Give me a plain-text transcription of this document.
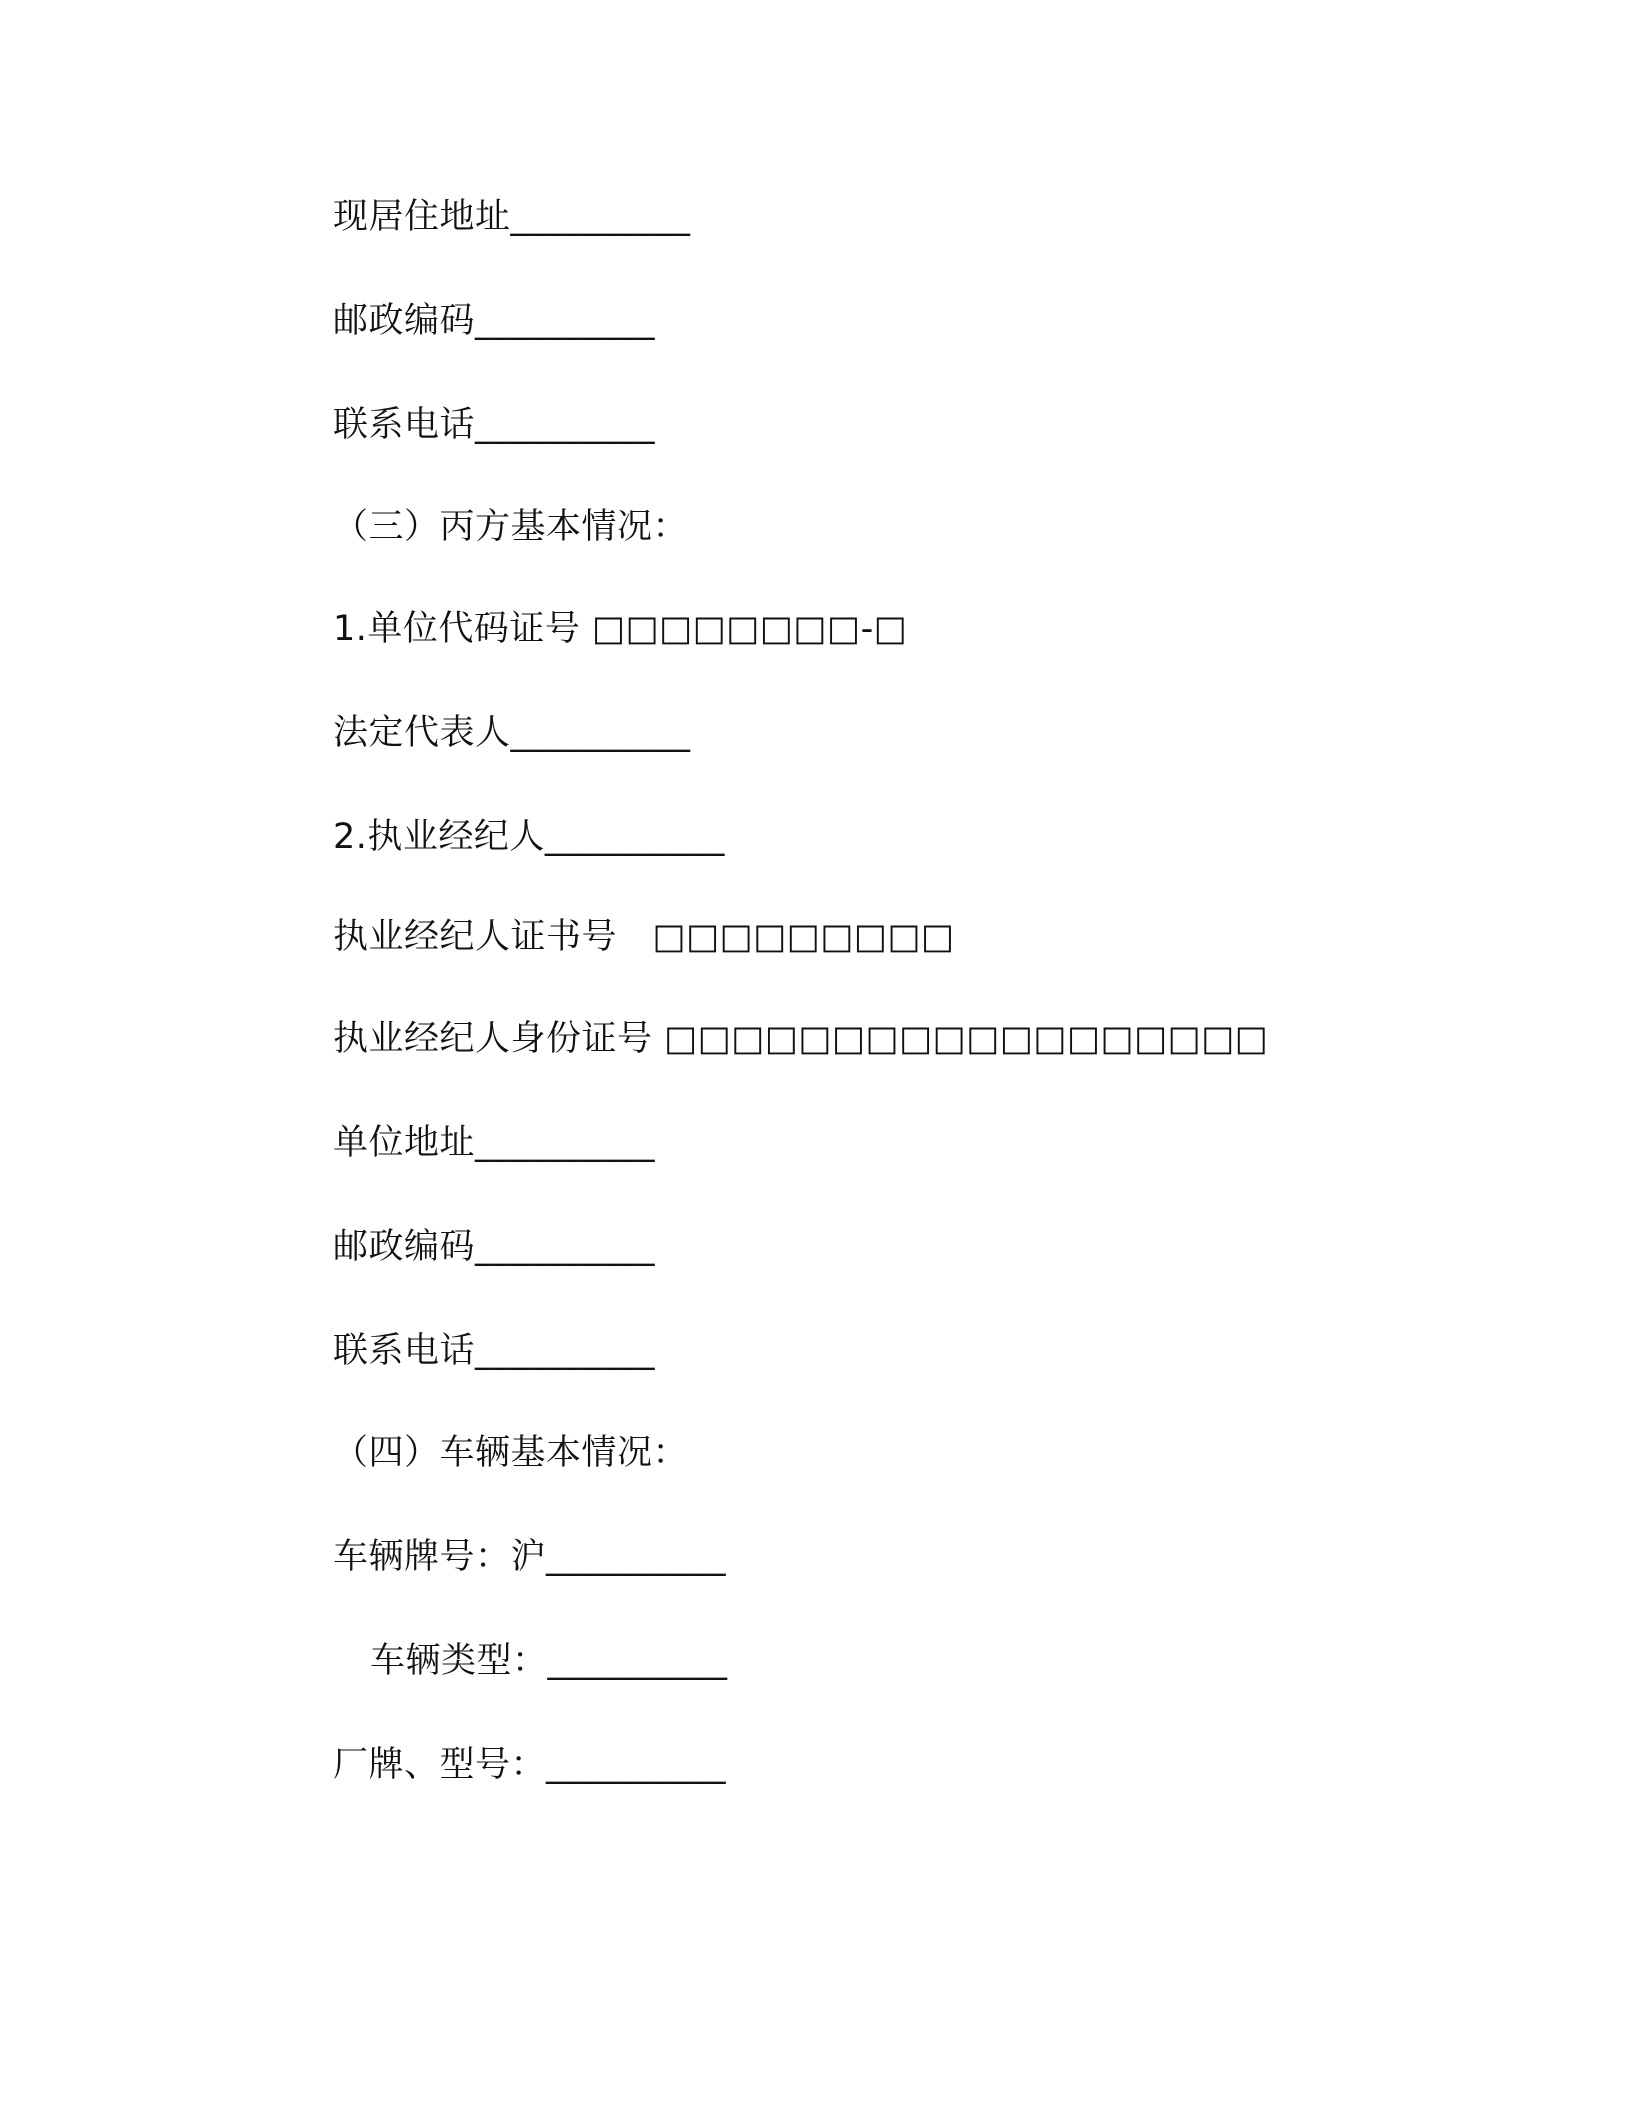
现居住地址__________
邮政编码__________
联系电话__________
（三）丙方基本情况：
1.单位代码证号 □□□□□□□□-□
法定代表人__________
2.执业经纪人__________
执业经纪人证书号　□□□□□□□□□
执业经纪人身份证号 □□□□□□□□□□□□□□□□□□
单位地址__________
邮政编码__________
联系电话__________
（四）车辆基本情况：
车辆牌号：沪__________
车辆类型：__________
厂牌、型号：__________
